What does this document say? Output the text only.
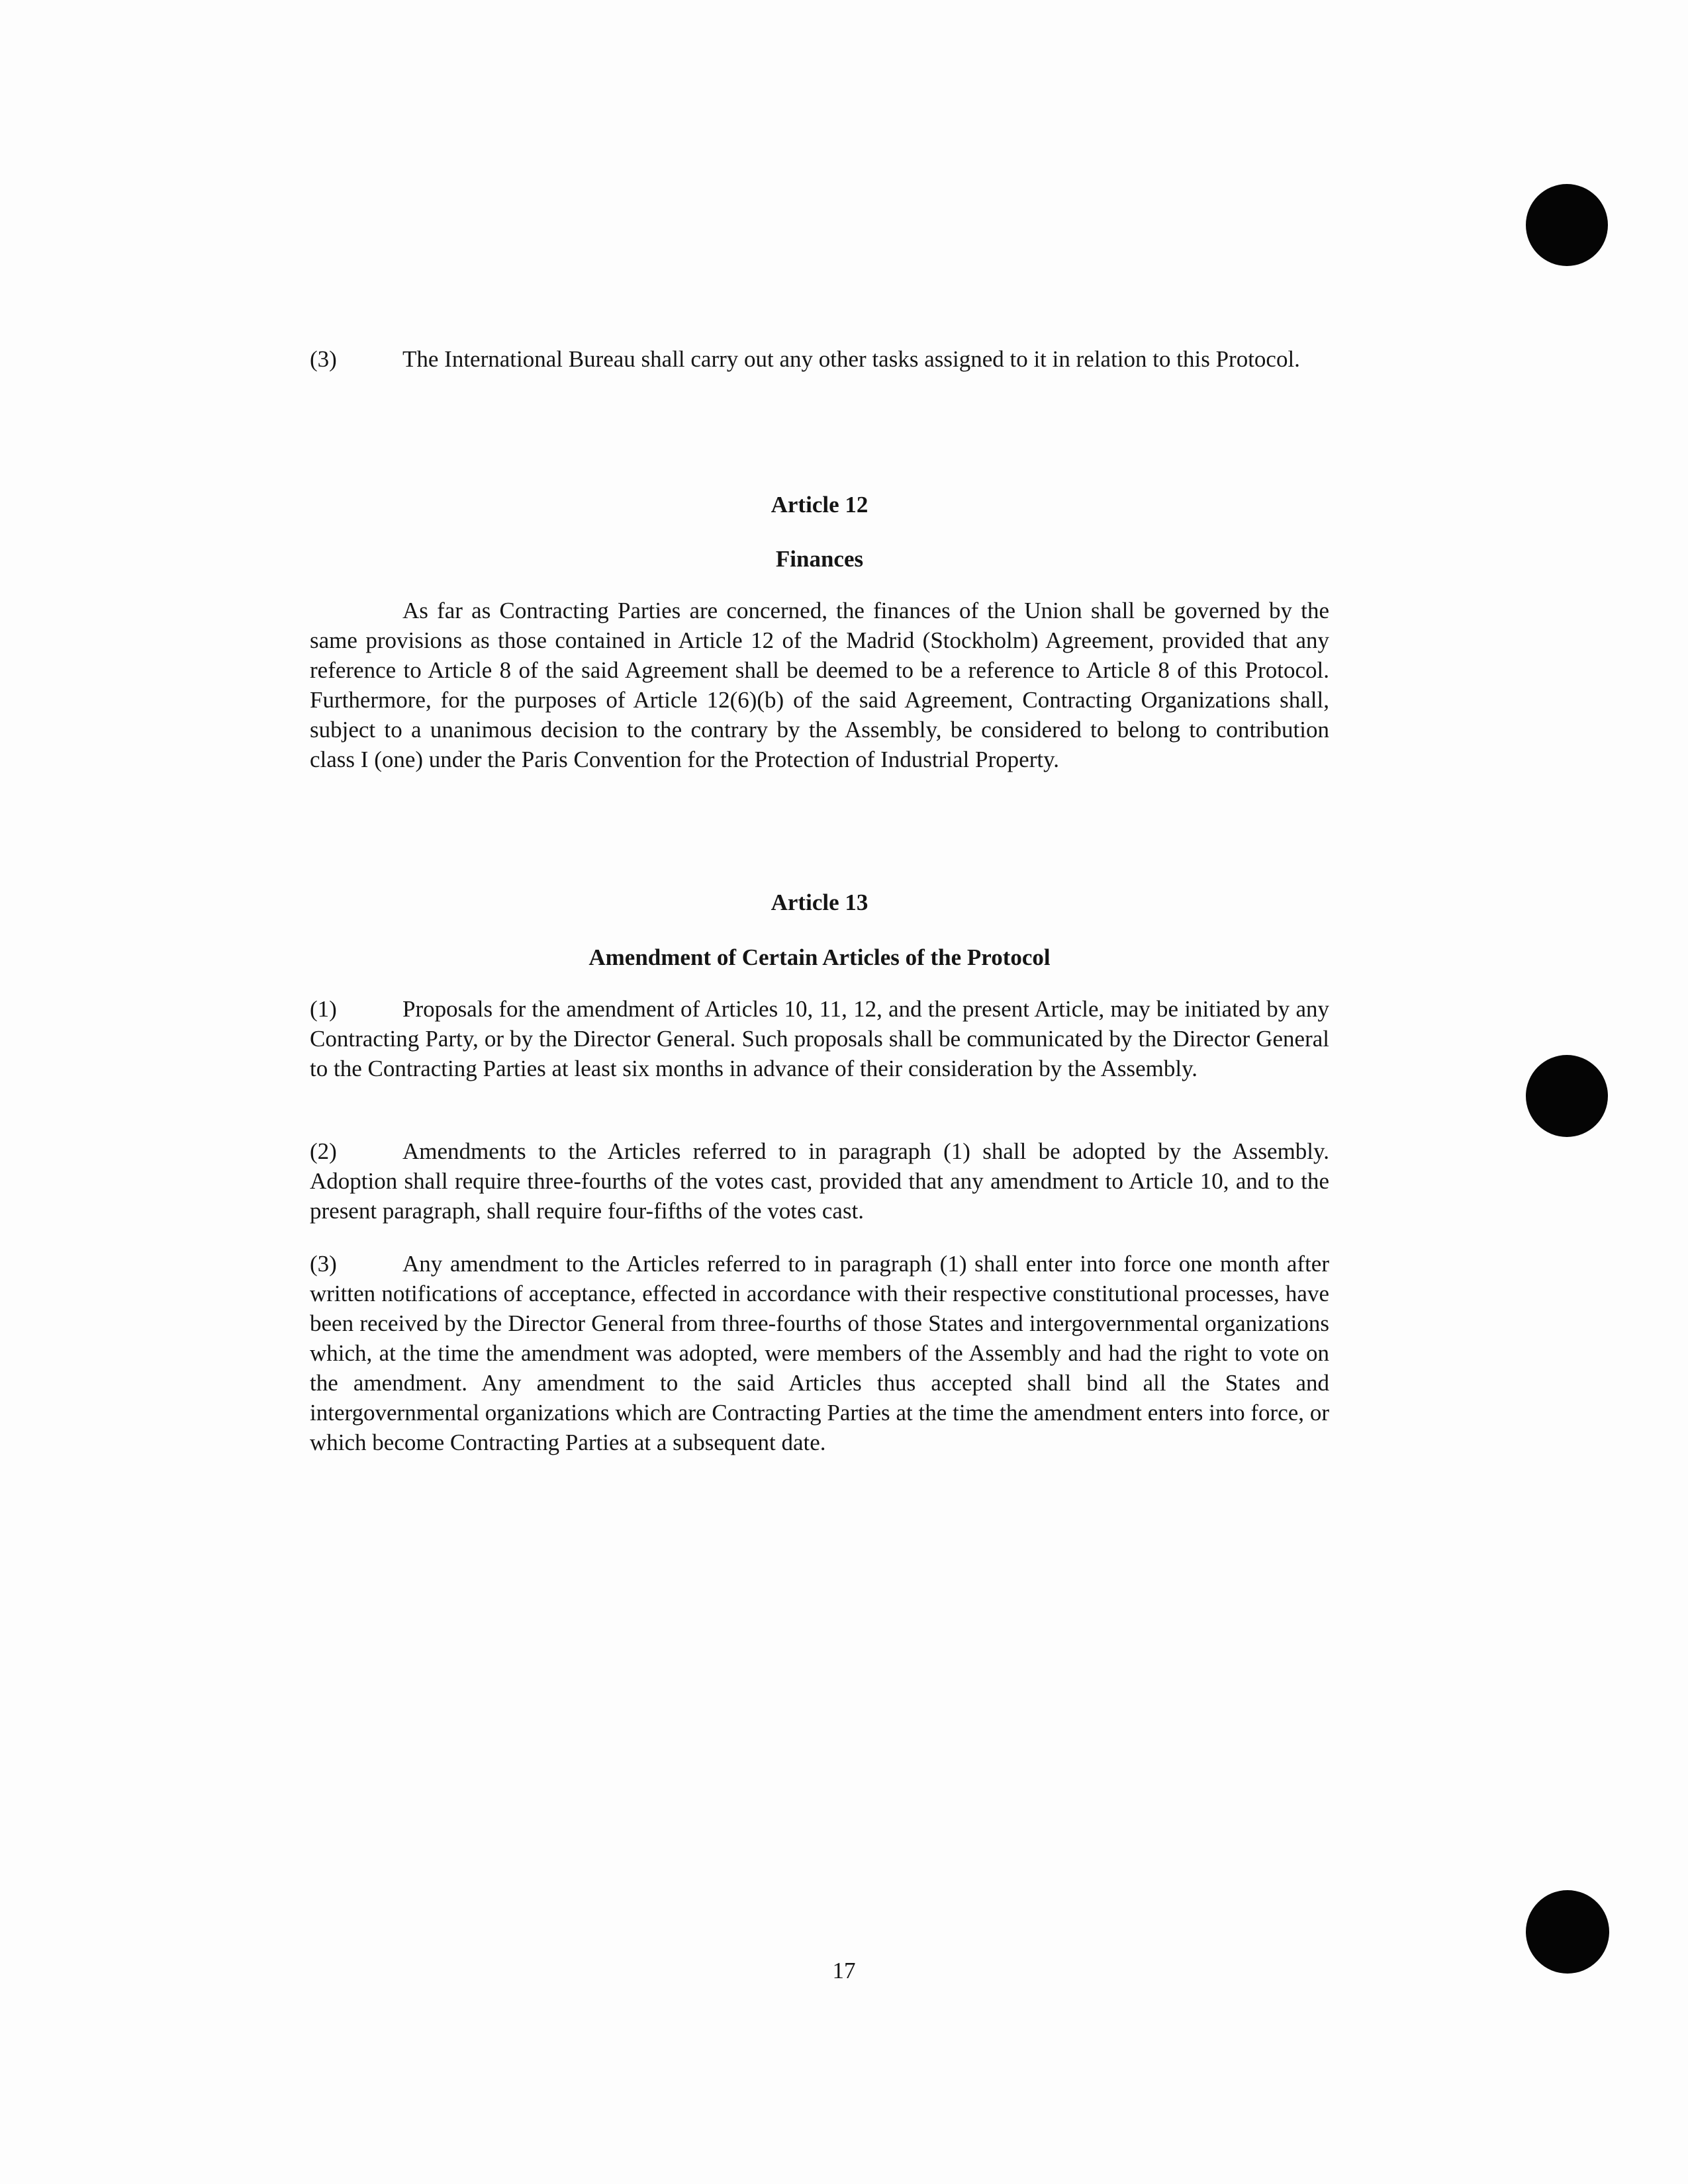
(3)	The International Bureau shall carry out any other tasks assigned to it in relation to this Protocol.

Article 12
Finances

As far as Contracting Parties are concerned, the finances of the Union shall be governed by the same provisions as those contained in Article 12 of the Madrid (Stockholm) Agreement, provided that any reference to Article 8 of the said Agreement shall be deemed to be a reference to Article 8 of this Protocol. Furthermore, for the purposes of Article 12(6)(b) of the said Agreement, Contracting Organizations shall, subject to a unanimous decision to the contrary by the Assembly, be considered to belong to contribution class I (one) under the Paris Convention for the Protection of Industrial Property.

Article 13
Amendment of Certain Articles of the Protocol

(1)	Proposals for the amendment of Articles 10, 11, 12, and the present Article, may be initiated by any Contracting Party, or by the Director General. Such proposals shall be communicated by the Director General to the Contracting Parties at least six months in advance of their consideration by the Assembly.

(2)	Amendments to the Articles referred to in paragraph (1) shall be adopted by the Assembly. Adoption shall require three-fourths of the votes cast, provided that any amendment to Article 10, and to the present paragraph, shall require four-fifths of the votes cast.

(3)	Any amendment to the Articles referred to in paragraph (1) shall enter into force one month after written notifications of acceptance, effected in accordance with their respective constitutional processes, have been received by the Director General from three-fourths of those States and intergovernmental organizations which, at the time the amendment was adopted, were members of the Assembly and had the right to vote on the amendment. Any amendment to the said Articles thus accepted shall bind all the States and intergovernmental organizations which are Contracting Parties at the time the amendment enters into force, or which become Contracting Parties at a subsequent date.

17
